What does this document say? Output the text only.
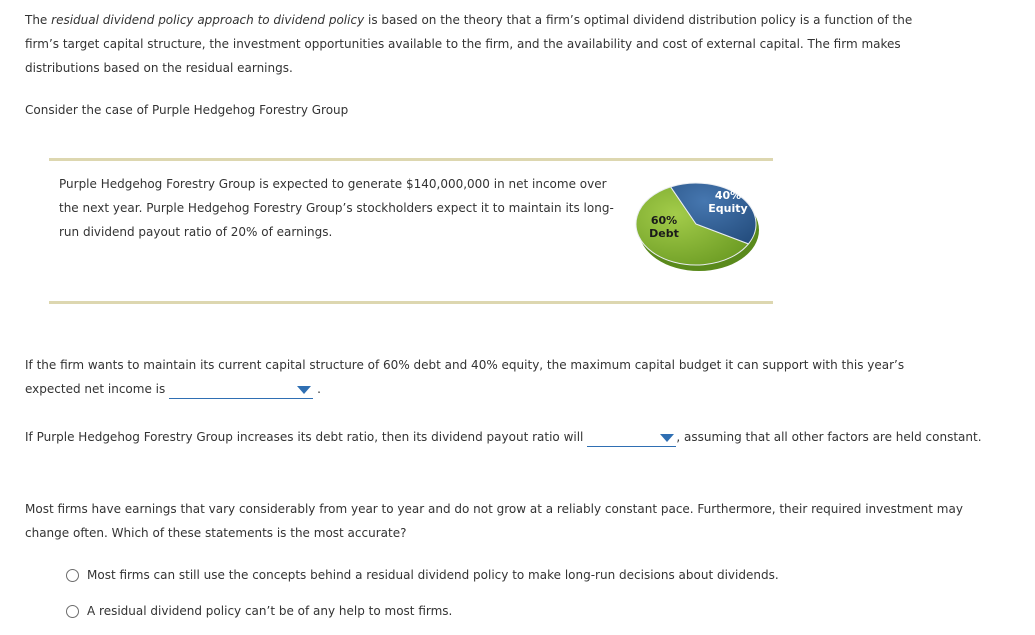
The residual dividend policy approach to dividend policy is based on the theory that a firm’s optimal dividend distribution policy is a function of the firm’s target capital structure, the investment opportunities available to the firm, and the availability and cost of external capital. The firm makes distributions based on the residual earnings.

Consider the case of Purple Hedgehog Forestry Group

Purple Hedgehog Forestry Group is expected to generate $140,000,000 in net income over the next year. Purple Hedgehog Forestry Group’s stockholders expect it to maintain its long-run dividend payout ratio of 20% of earnings.

40%
Equity
60%
Debt

If the firm wants to maintain its current capital structure of 60% debt and 40% equity, the maximum capital budget it can support with this year’s expected net income is	.

If Purple Hedgehog Forestry Group increases its debt ratio, then its dividend payout ratio will	, assuming that all other factors are held constant.

Most firms have earnings that vary considerably from year to year and do not grow at a reliably constant pace. Furthermore, their required investment may change often. Which of these statements is the most accurate?

Most firms can still use the concepts behind a residual dividend policy to make long-run decisions about dividends.
A residual dividend policy can’t be of any help to most firms.
